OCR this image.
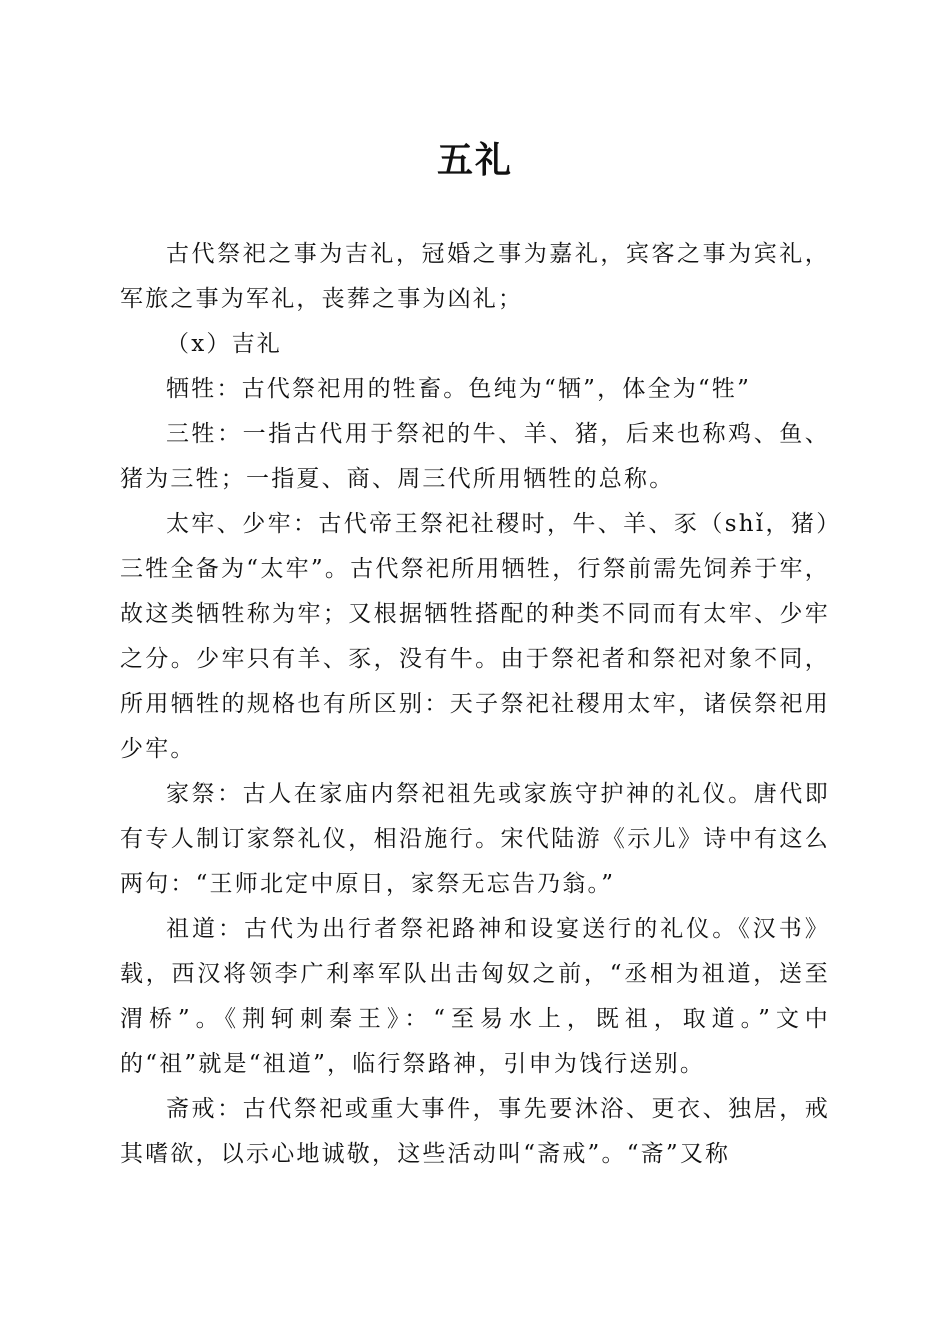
五礼

古代祭祀之事为吉礼，冠婚之事为嘉礼，宾客之事为宾礼，军旅之事为军礼，丧葬之事为凶礼；

（x）吉礼

牺牲：古代祭祀用的牲畜。色纯为“牺”，体全为“牲”

三牲：一指古代用于祭祀的牛、羊、猪，后来也称鸡、鱼、猪为三牲；一指夏、商、周三代所用牺牲的总称。

太牢、少牢：古代帝王祭祀社稷时，牛、羊、豕（shǐ，猪）三牲全备为“太牢”。古代祭祀所用牺牲，行祭前需先饲养于牢，故这类牺牲称为牢；又根据牺牲搭配的种类不同而有太牢、少牢之分。少牢只有羊、豕，没有牛。由于祭祀者和祭祀对象不同，所用牺牲的规格也有所区别：天子祭祀社稷用太牢，诸侯祭祀用少牢。

家祭：古人在家庙内祭祀祖先或家族守护神的礼仪。唐代即有专人制订家祭礼仪，相沿施行。宋代陆游《示儿》诗中有这么两句：“王师北定中原日，家祭无忘告乃翁。”

祖道：古代为出行者祭祀路神和设宴送行的礼仪。《汉书》载，西汉将领李广利率军队出击匈奴之前，“丞相为祖道，送至渭桥”。《荆轲刺秦王》：“至易水上，既祖，取道。”文中的“祖”就是“祖道”，临行祭路神，引申为饯行送别。

斋戒：古代祭祀或重大事件，事先要沐浴、更衣、独居，戒其嗜欲，以示心地诚敬，这些活动叫“斋戒”。“斋”又称
